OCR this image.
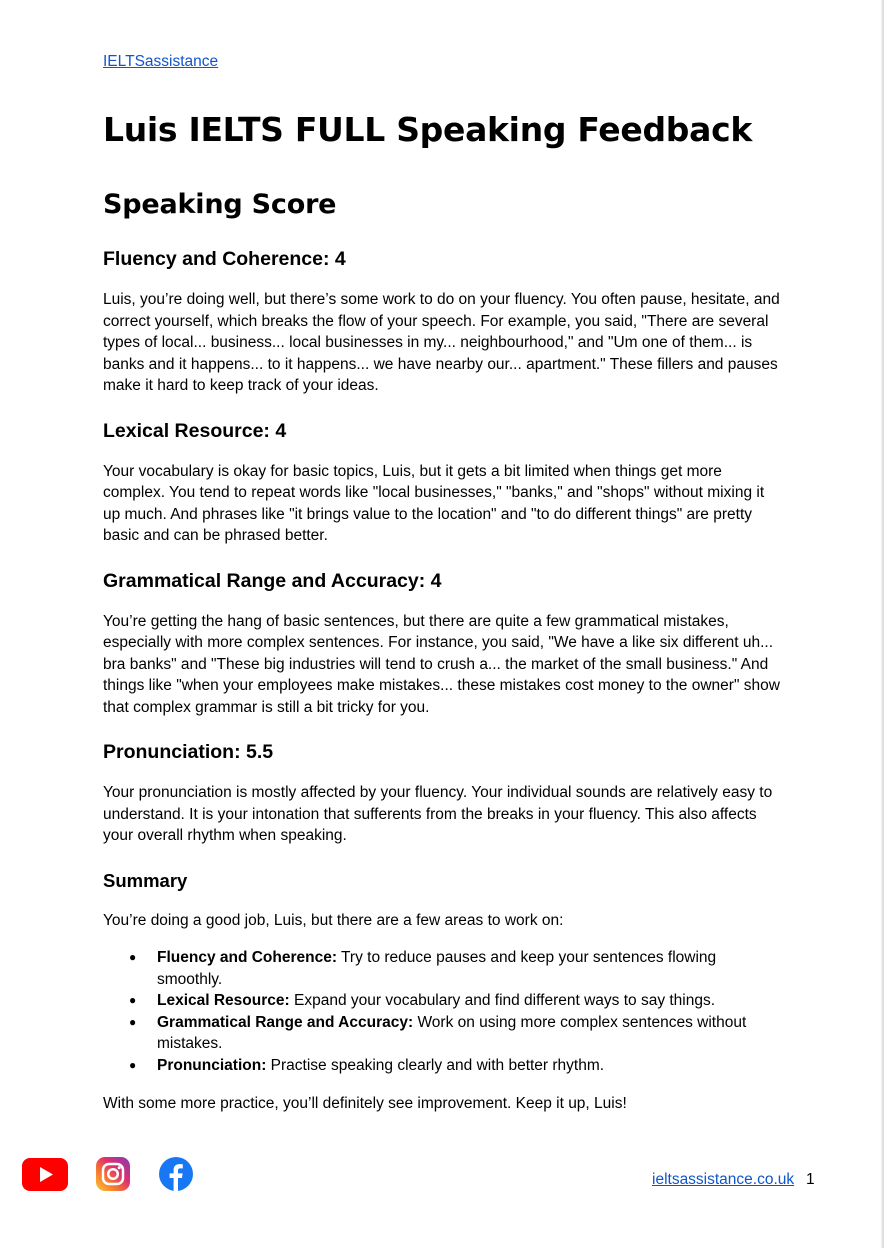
IELTSassistance
Luis IELTS FULL Speaking Feedback
Speaking Score
Fluency and Coherence: 4

Luis, you’re doing well, but there’s some work to do on your fluency. You often pause, hesitate, and correct yourself, which breaks the flow of your speech. For example, you said, "There are several types of local... business... local businesses in my... neighbourhood," and "Um one of them... is banks and it happens... to it happens... we have nearby our... apartment." These fillers and pauses make it hard to keep track of your ideas.

Lexical Resource: 4

Your vocabulary is okay for basic topics, Luis, but it gets a bit limited when things get more complex. You tend to repeat words like "local businesses," "banks," and "shops" without mixing it up much. And phrases like "it brings value to the location" and "to do different things" are pretty basic and can be phrased better.

Grammatical Range and Accuracy: 4

You’re getting the hang of basic sentences, but there are quite a few grammatical mistakes, especially with more complex sentences. For instance, you said, "We have a like six different uh... bra banks" and "These big industries will tend to crush a... the market of the small business." And things like "when your employees make mistakes... these mistakes cost money to the owner" show that complex grammar is still a bit tricky for you.

Pronunciation: 5.5

Your pronunciation is mostly affected by your fluency. Your individual sounds are relatively easy to understand. It is your intonation that sufferents from the breaks in your fluency. This also affects your overall rhythm when speaking.

Summary

You’re doing a good job, Luis, but there are a few areas to work on:

● Fluency and Coherence: Try to reduce pauses and keep your sentences flowing smoothly.
● Lexical Resource: Expand your vocabulary and find different ways to say things.
● Grammatical Range and Accuracy: Work on using more complex sentences without mistakes.
● Pronunciation: Practise speaking clearly and with better rhythm.

With some more practice, you’ll definitely see improvement. Keep it up, Luis!

ieltsassistance.co.uk 1
